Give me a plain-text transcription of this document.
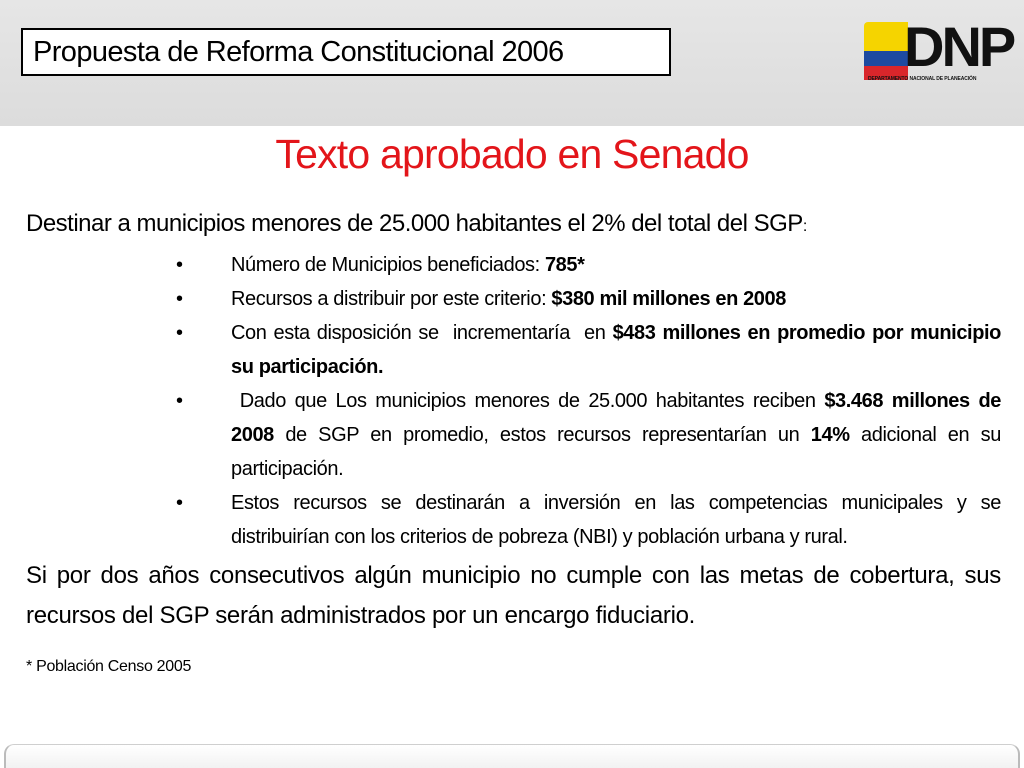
Propuesta de Reforma Constitucional 2006	DNP
DEPARTAMENTO NACIONAL DE PLANEACIÓN
Texto aprobado en Senado

Destinar a municipios menores de 25.000 habitantes el 2% del total del SGP:

• Número de Municipios beneficiados: 785*
• Recursos a distribuir por este criterio: $380 mil millones en 2008
• Con esta disposición se  incrementaría  en $483 millones en promedio por municipio su participación.
• Dado que Los municipios menores de 25.000 habitantes reciben $3.468 millones de 2008 de SGP en promedio, estos recursos representarían un 14% adicional en su participación.
• Estos recursos se destinarán a inversión en las competencias municipales y se distribuirían con los criterios de pobreza (NBI) y población urbana y rural.

Si por dos años consecutivos algún municipio no cumple con las metas de cobertura, sus recursos del SGP serán administrados por un encargo fiduciario.

* Población Censo 2005
